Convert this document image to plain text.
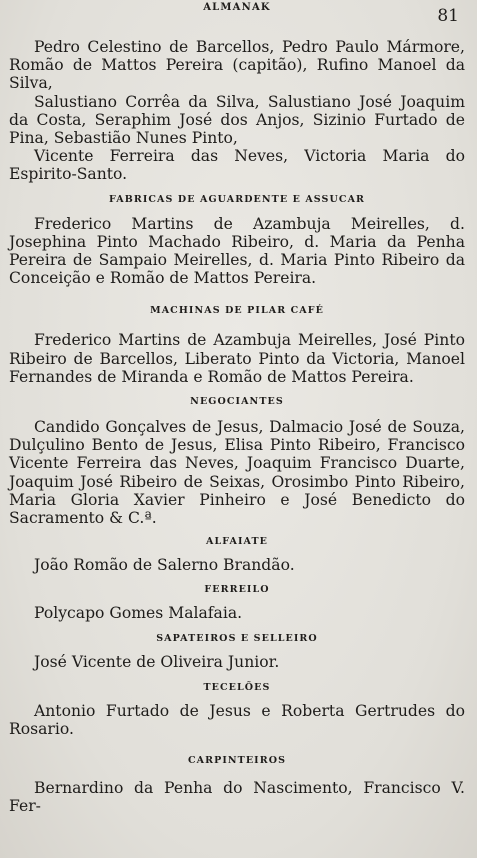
ALMANAK	81

Pedro Celestino de Barcellos, Pedro Paulo Mármore, Romão de Mattos Pereira (capitão), Rufino Manoel da Silva,

Salustiano Corrêa da Silva, Salustiano José Joaquim da Costa, Seraphim José dos Anjos, Sizinio Furtado de Pina, Sebastião Nunes Pinto,

Vicente Ferreira das Neves, Victoria Maria do Espirito-Santo.

FABRICAS DE AGUARDENTE E ASSUCAR

Frederico Martins de Azambuja Meirelles, d. Josephina Pinto Machado Ribeiro, d. Maria da Penha Pereira de Sampaio Meirelles, d. Maria Pinto Ribeiro da Conceição e Romão de Mattos Pereira.

MACHINAS DE PILAR CAFÉ

Frederico Martins de Azambuja Meirelles, José Pinto Ribeiro de Barcellos, Liberato Pinto da Victoria, Manoel Fernandes de Miranda e Romão de Mattos Pereira.

NEGOCIANTES

Candido Gonçalves de Jesus, Dalmacio José de Souza, Dulçulino Bento de Jesus, Elisa Pinto Ribeiro, Francisco Vicente Ferreira das Neves, Joaquim Francisco Duarte, Joaquim José Ribeiro de Seixas, Orosimbo Pinto Ribeiro, Maria Gloria Xavier Pinheiro e José Benedicto do Sacramento & C.ª.

ALFAIATE

João Romão de Salerno Brandão.

FERREILO

Polycapo Gomes Malafaia.

SAPATEIROS E SELLEIRO

José Vicente de Oliveira Junior.

TECELÕES

Antonio Furtado de Jesus e Roberta Gertrudes do Rosario.

CARPINTEIROS

Bernardino da Penha do Nascimento, Francisco V. Fer-
